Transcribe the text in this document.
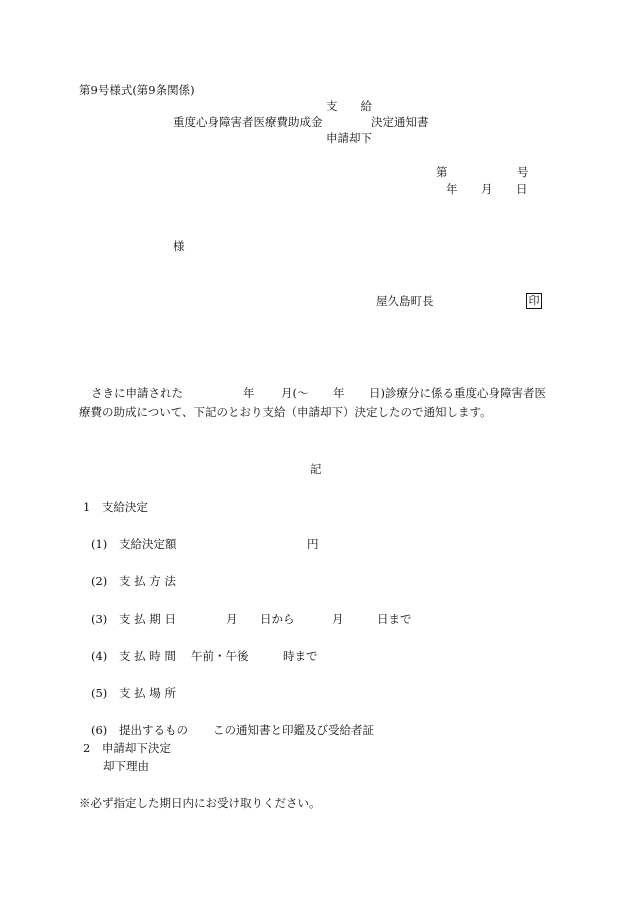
第9号様式(第9条関係)
支　　給
重度心身障害者医療費助成金	決定通知書
申請却下
第	号
年 月 日
様
屋久島町長	印
さきに申請された	年 月(～ 年 日)診療分に係る重度心身障害者医
療費の助成について、下記のとおり支給（申請却下）決定したので通知します。
記
1　支給決定
(1) 支給決定額	円
(2) 支 払 方 法
(3) 支 払 期 日	月 日から	月	日まで
(4) 支 払 時 間 午前・午後	時まで
(5) 支 払 場 所
(6) 提出するもの この通知書と印鑑及び受給者証
2　申請却下決定
却下理由
※必ず指定した期日内にお受け取りください。
